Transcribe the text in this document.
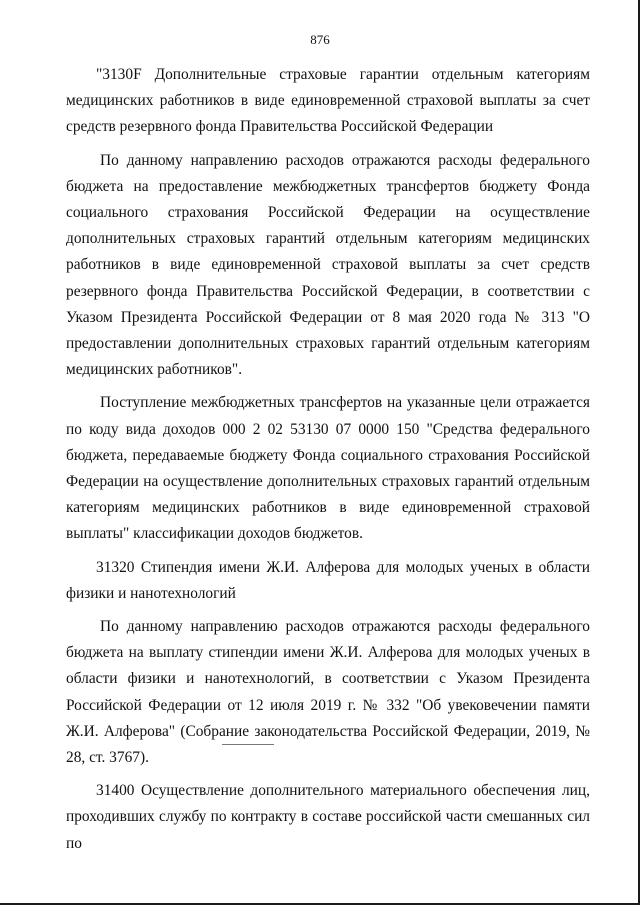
876

"3130F Дополнительные страховые гарантии отдельным категориям медицинских работников в виде единовременной страховой выплаты за счет средств резервного фонда Правительства Российской Федерации

По данному направлению расходов отражаются расходы федерального бюджета на предоставление межбюджетных трансфертов бюджету Фонда социального страхования Российской Федерации на осуществление дополнительных страховых гарантий отдельным категориям медицинских работников в виде единовременной страховой выплаты за счет средств резервного фонда Правительства Российской Федерации, в соответствии с Указом Президента Российской Федерации от 8 мая 2020 года № 313 "О предоставлении дополнительных страховых гарантий отдельным категориям медицинских работников".

Поступление межбюджетных трансфертов на указанные цели отражается по коду вида доходов 000 2 02 53130 07 0000 150 "Средства федерального бюджета, передаваемые бюджету Фонда социального страхования Российской Федерации на осуществление дополнительных страховых гарантий отдельным категориям медицинских работников в виде единовременной страховой выплаты" классификации доходов бюджетов.

31320 Стипендия имени Ж.И. Алферова для молодых ученых в области физики и нанотехнологий

По данному направлению расходов отражаются расходы федерального бюджета на выплату стипендии имени Ж.И. Алферова для молодых ученых в области физики и нанотехнологий, в соответствии с Указом Президента Российской Федерации от 12 июля 2019 г. № 332 "Об увековечении памяти Ж.И. Алферова" (Собрание законодательства Российской Федерации, 2019, № 28, ст. 3767).

31400 Осуществление дополнительного материального обеспечения лиц, проходивших службу по контракту в составе российской части смешанных сил по
